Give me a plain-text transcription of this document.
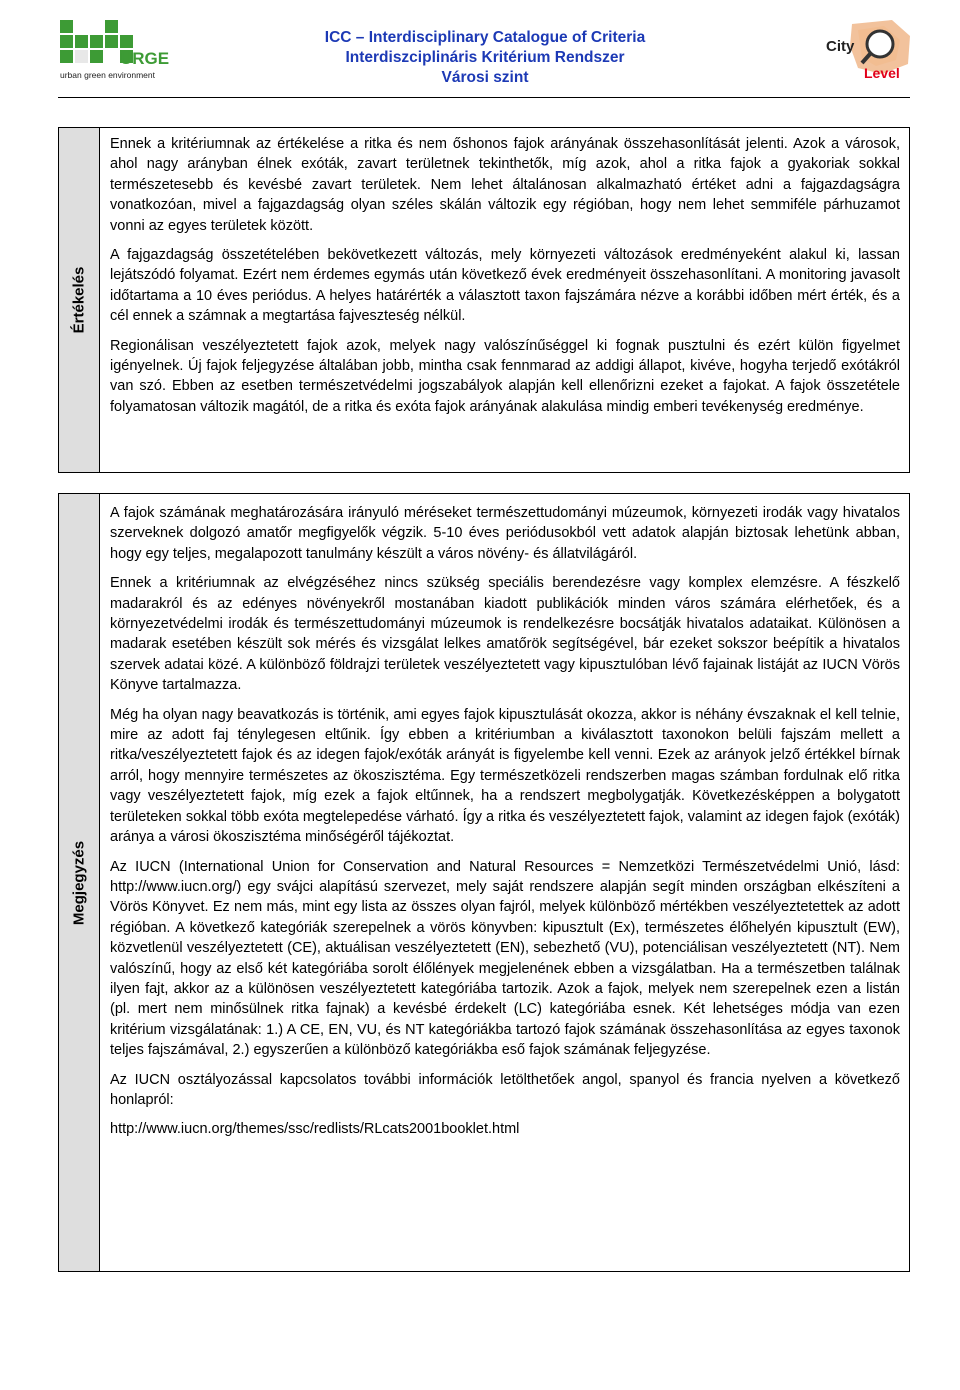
URGE
urban green environment
ICC – Interdisciplinary Catalogue of Criteria
Interdiszciplináris Kritérium Rendszer
Városi szint
City
Level
Értékelés

Ennek a kritériumnak az értékelése a ritka és nem őshonos fajok arányának összehasonlítását jelenti. Azok a városok, ahol nagy arányban élnek exóták, zavart területnek tekinthetők, míg azok, ahol a ritka fajok a gyakoriak sokkal természetesebb és kevésbé zavart területek. Nem lehet általánosan alkalmazható értéket adni a fajgazdagságra vonatkozóan, mivel a fajgazdagság olyan széles skálán változik egy régióban, hogy nem lehet semmiféle párhuzamot vonni az egyes területek között.

A fajgazdagság összetételében bekövetkezett változás, mely környezeti változások eredményeként alakul ki, lassan lejátszódó folyamat. Ezért nem érdemes egymás után következő évek eredményeit összehasonlítani. A monitoring javasolt időtartama a 10 éves periódus. A helyes határérték a választott taxon fajszámára nézve a korábbi időben mért érték, és a cél ennek a számnak a megtartása fajveszteség nélkül.

Regionálisan veszélyeztetett fajok azok, melyek nagy valószínűséggel ki fognak pusztulni és ezért külön figyelmet igényelnek. Új fajok feljegyzése általában jobb, mintha csak fennmarad az addigi állapot, kivéve, hogyha terjedő exótákról van szó. Ebben az esetben természetvédelmi jogszabályok alapján kell ellenőrizni ezeket a fajokat. A fajok összetétele folyamatosan változik magától, de a ritka és exóta fajok arányának alakulása mindig emberi tevékenység eredménye.

Megjegyzés

A fajok számának meghatározására irányuló méréseket természettudományi múzeumok, környezeti irodák vagy hivatalos szerveknek dolgozó amatőr megfigyelők végzik. 5-10 éves periódusokból vett adatok alapján biztosak lehetünk abban, hogy egy teljes, megalapozott tanulmány készült a város növény- és állatvilágáról.

Ennek a kritériumnak az elvégzéséhez nincs szükség speciális berendezésre vagy komplex elemzésre. A fészkelő madarakról és az edényes növényekről mostanában kiadott publikációk minden város számára elérhetőek, és a környezetvédelmi irodák és természettudományi múzeumok is rendelkezésre bocsátják hivatalos adataikat. Különösen a madarak esetében készült sok mérés és vizsgálat lelkes amatőrök segítségével, bár ezeket sokszor beépítik a hivatalos szervek adatai közé. A különböző földrajzi területek veszélyeztetett vagy kipusztulóban lévő fajainak listáját az IUCN Vörös Könyve tartalmazza.

Még ha olyan nagy beavatkozás is történik, ami egyes fajok kipusztulását okozza, akkor is néhány évszaknak el kell telnie, mire az adott faj ténylegesen eltűnik. Így ebben a kritériumban a kiválasztott taxonokon belüli fajszám mellett a ritka/veszélyeztetett fajok és az idegen fajok/exóták arányát is figyelembe kell venni. Ezek az arányok jelző értékkel bírnak arról, hogy mennyire természetes az ökoszisztéma. Egy természetközeli rendszerben magas számban fordulnak elő ritka vagy veszélyeztetett fajok, míg ezek a fajok eltűnnek, ha a rendszert megbolygatják. Következésképpen a bolygatott területeken sokkal több exóta megtelepedése várható. Így a ritka és veszélyeztetett fajok, valamint az idegen fajok (exóták) aránya a városi ökoszisztéma minőségéről tájékoztat.

Az IUCN (International Union for Conservation and Natural Resources = Nemzetközi Természetvédelmi Unió, lásd: http://www.iucn.org/) egy svájci alapítású szervezet, mely saját rendszere alapján segít minden országban elkészíteni a Vörös Könyvet. Ez nem más, mint egy lista az összes olyan fajról, melyek különböző mértékben veszélyeztetettek az adott régióban. A következő kategóriák szerepelnek a vörös könyvben: kipusztult (Ex), természetes élőhelyén kipusztult (EW), közvetlenül veszélyeztetett (CE), aktuálisan veszélyeztetett (EN), sebezhető (VU), potenciálisan veszélyeztetett (NT). Nem valószínű, hogy az első két kategóriába sorolt élőlények megjelenének ebben a vizsgálatban. Ha a természetben találnak ilyen fajt, akkor az a különösen veszélyeztetett kategóriába tartozik. Azok a fajok, melyek nem szerepelnek ezen a listán (pl. mert nem minősülnek ritka fajnak) a kevésbé érdekelt (LC) kategóriába esnek. Két lehetséges módja van ezen kritérium vizsgálatának: 1.) A CE, EN, VU, és NT kategóriákba tartozó fajok számának összehasonlítása az egyes taxonok teljes fajszámával, 2.) egyszerűen a különböző kategóriákba eső fajok számának feljegyzése.

Az IUCN osztályozással kapcsolatos további információk letölthetőek angol, spanyol és francia nyelven a következő honlapról:

http://www.iucn.org/themes/ssc/redlists/RLcats2001booklet.html
